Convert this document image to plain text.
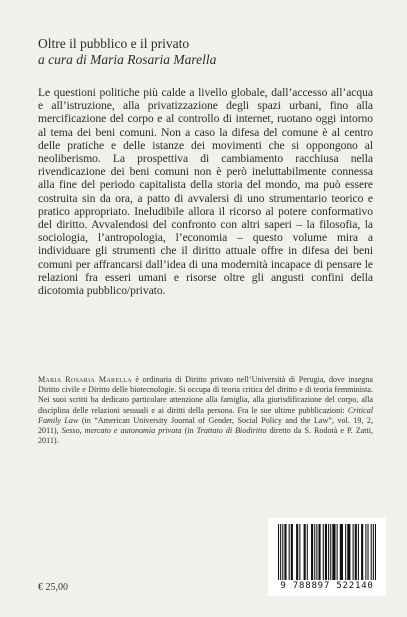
Oltre il pubblico e il privato

a cura di Maria Rosaria Marella

Le questioni politiche più calde a livello globale, dall’accesso all’acqua e all’istruzione, alla privatizzazione degli spazi urbani, fino alla mercificazione del corpo e al controllo di internet, ruotano oggi intorno al tema dei beni comuni. Non a caso la difesa del comune è al centro delle pratiche e delle istanze dei movimenti che si oppongono al neoliberismo. La prospettiva di cambiamento racchiusa nella rivendicazione dei beni comuni non è però ineluttabilmente connessa alla fine del periodo capitalista della storia del mondo, ma può essere costruita sin da ora, a patto di avvalersi di uno strumentario teorico e pratico appropriato. Ineludibile allora il ricorso al potere conformativo del diritto. Avvalendosi del confronto con altri saperi – la filosofia, la sociologia, l’antropologia, l’economia – questo volume mira a individuare gli strumenti che il diritto attuale offre in difesa dei beni comuni per affrancarsi dall’idea di una modernità incapace di pensare le relazioni fra esseri umani e risorse oltre gli angusti confini della dicotomia pubblico/privato.

Maria Rosaria Marella è ordinaria di Diritto privato nell’Università di Perugia, dove insegna Diritto civile e Diritto delle biotecnologie. Si occupa di teoria critica del diritto e di teoria femminista. Nei suoi scritti ha dedicato particolare attenzione alla famiglia, alla giurisdificazione del corpo, alla disciplina delle relazioni sessuali e ai diritti della persona. Fra le sue ultime pubblicazioni: Critical Family Law (in “American University Journal of Gender, Social Policy and the Law”, vol. 19, 2, 2011), Sesso, mercato e autonomia privata (in Trattato di Biodiritto diretto da S. Rodotà e P. Zatti, 2011).

€ 25,00	9 788897 522140
